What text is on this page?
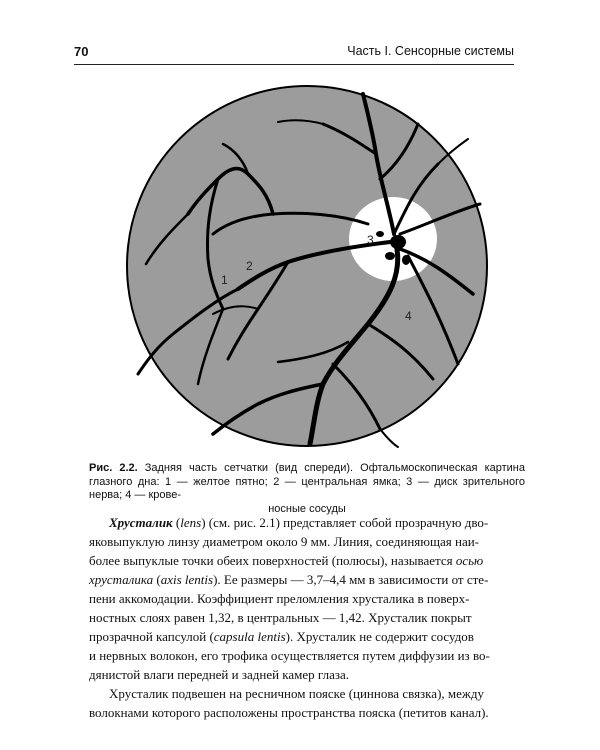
70	Часть I. Сенсорные системы
1
2
3
4
Рис. 2.2. Задняя часть сетчатки (вид спереди). Офтальмоскопическая картина глазного дна: 1 — желтое пятно; 2 — центральная ямка; 3 — диск зрительного нерва; 4 — крове-
носные сосуды

Хрусталик (lens) (см. рис. 2.1) представляет собой прозрачную дво-
яковыпуклую линзу диаметром около 9 мм. Линия, соединяющая наи-
более выпуклые точки обеих поверхностей (полюсы), называется осью
хрусталика (axis lentis). Ее размеры — 3,7–4,4 мм в зависимости от сте-
пени аккомодации. Коэффициент преломления хрусталика в поверх-
ностных слоях равен 1,32, в центральных — 1,42. Хрусталик покрыт
прозрачной капсулой (capsula lentis). Хрусталик не содержит сосудов
и нервных волокон, его трофика осуществляется путем диффузии из во-
дянистой влаги передней и задней камер глаза.

Хрусталик подвешен на ресничном пояске (циннова связка), между
волокнами которого расположены пространства пояска (петитов канал).
